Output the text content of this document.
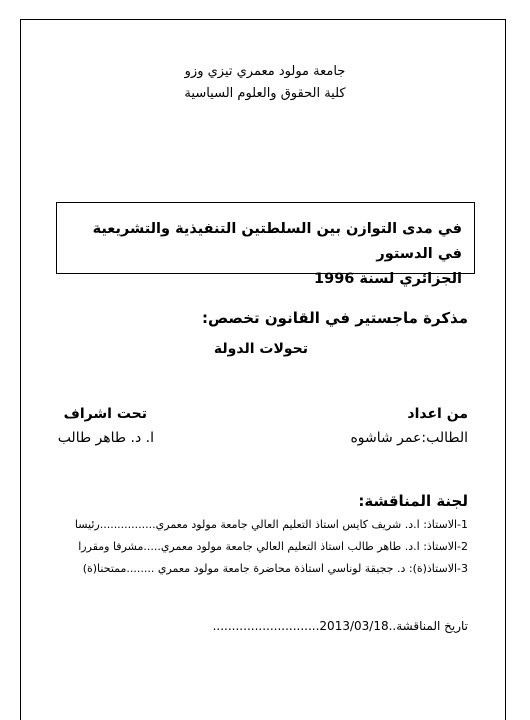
جامعة مولود معمري تيزي وزو
كلية الحقوق والعلوم السياسية
في مدى التوازن بين السلطتين التنفيذية والتشريعية في الدستور
الجزائري لسنة 1996
مذكرة ماجستير في القانون تخصص:
تحولات الدولة
من اعداد
الطالب:عمر شاشوه
تحت اشراف
ا. د. طاهر طالب
لجنة المناقشة:
1-الاستاذ: ا.د. شريف كايس استاذ التعليم العالي جامعة مولود معمري................رئيسا
2-الاستاذ: ا.د. طاهر طالب استاذ التعليم العالي جامعة مولود معمري.....مشرفا ومقررا
3-الاستاذ(ة): د. ججيقة لوناسي استاذة محاضرة جامعة مولود معمري ........ممتحنا(ة)
تاريخ المناقشة..2013/03/18............................
